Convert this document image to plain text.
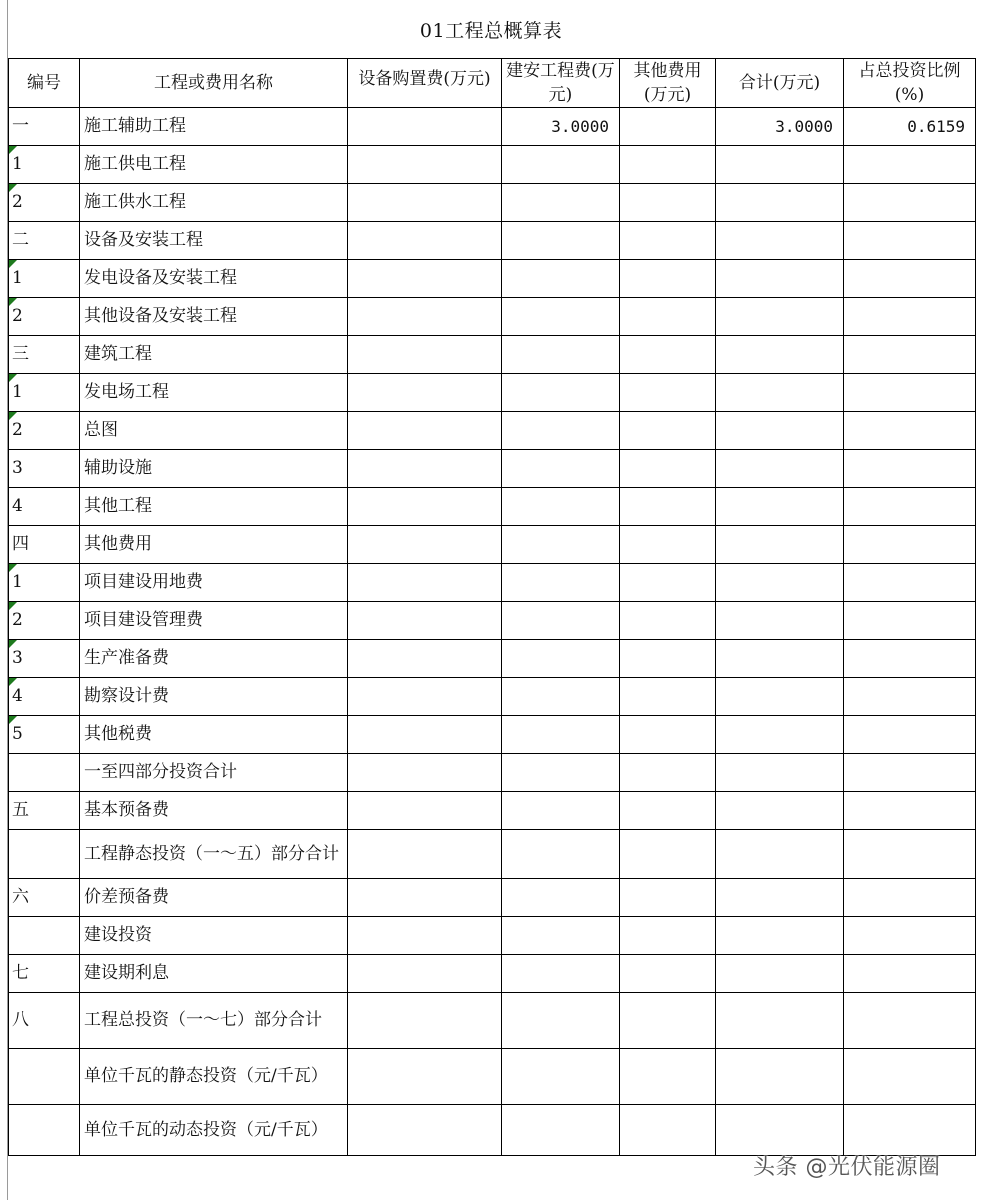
01工程总概算表
编号	工程或费用名称	设备购置费(万元)	建安工程费(万元)	其他费用(万元)	合计(万元)	占总投资比例(%)
一	施工辅助工程		3.0000		3.0000	0.6159

1	施工供电工程					

2	施工供水工程					
二	设备及安装工程					

1	发电设备及安装工程					

2	其他设备及安装工程					
三	建筑工程					

1	发电场工程					

2	总图					
3	辅助设施					
4	其他工程					
四	其他费用					

1	项目建设用地费					

2	项目建设管理费					

3	生产准备费					

4	勘察设计费					

5	其他税费					
	一至四部分投资合计					
五	基本预备费					
	工程静态投资（一～五）部分合计					
六	价差预备费					
	建设投资					
七	建设期利息					
八	工程总投资（一～七）部分合计					
	单位千瓦的静态投资（元/千瓦）					
	单位千瓦的动态投资（元/千瓦）					
头条 @光伏能源圈
